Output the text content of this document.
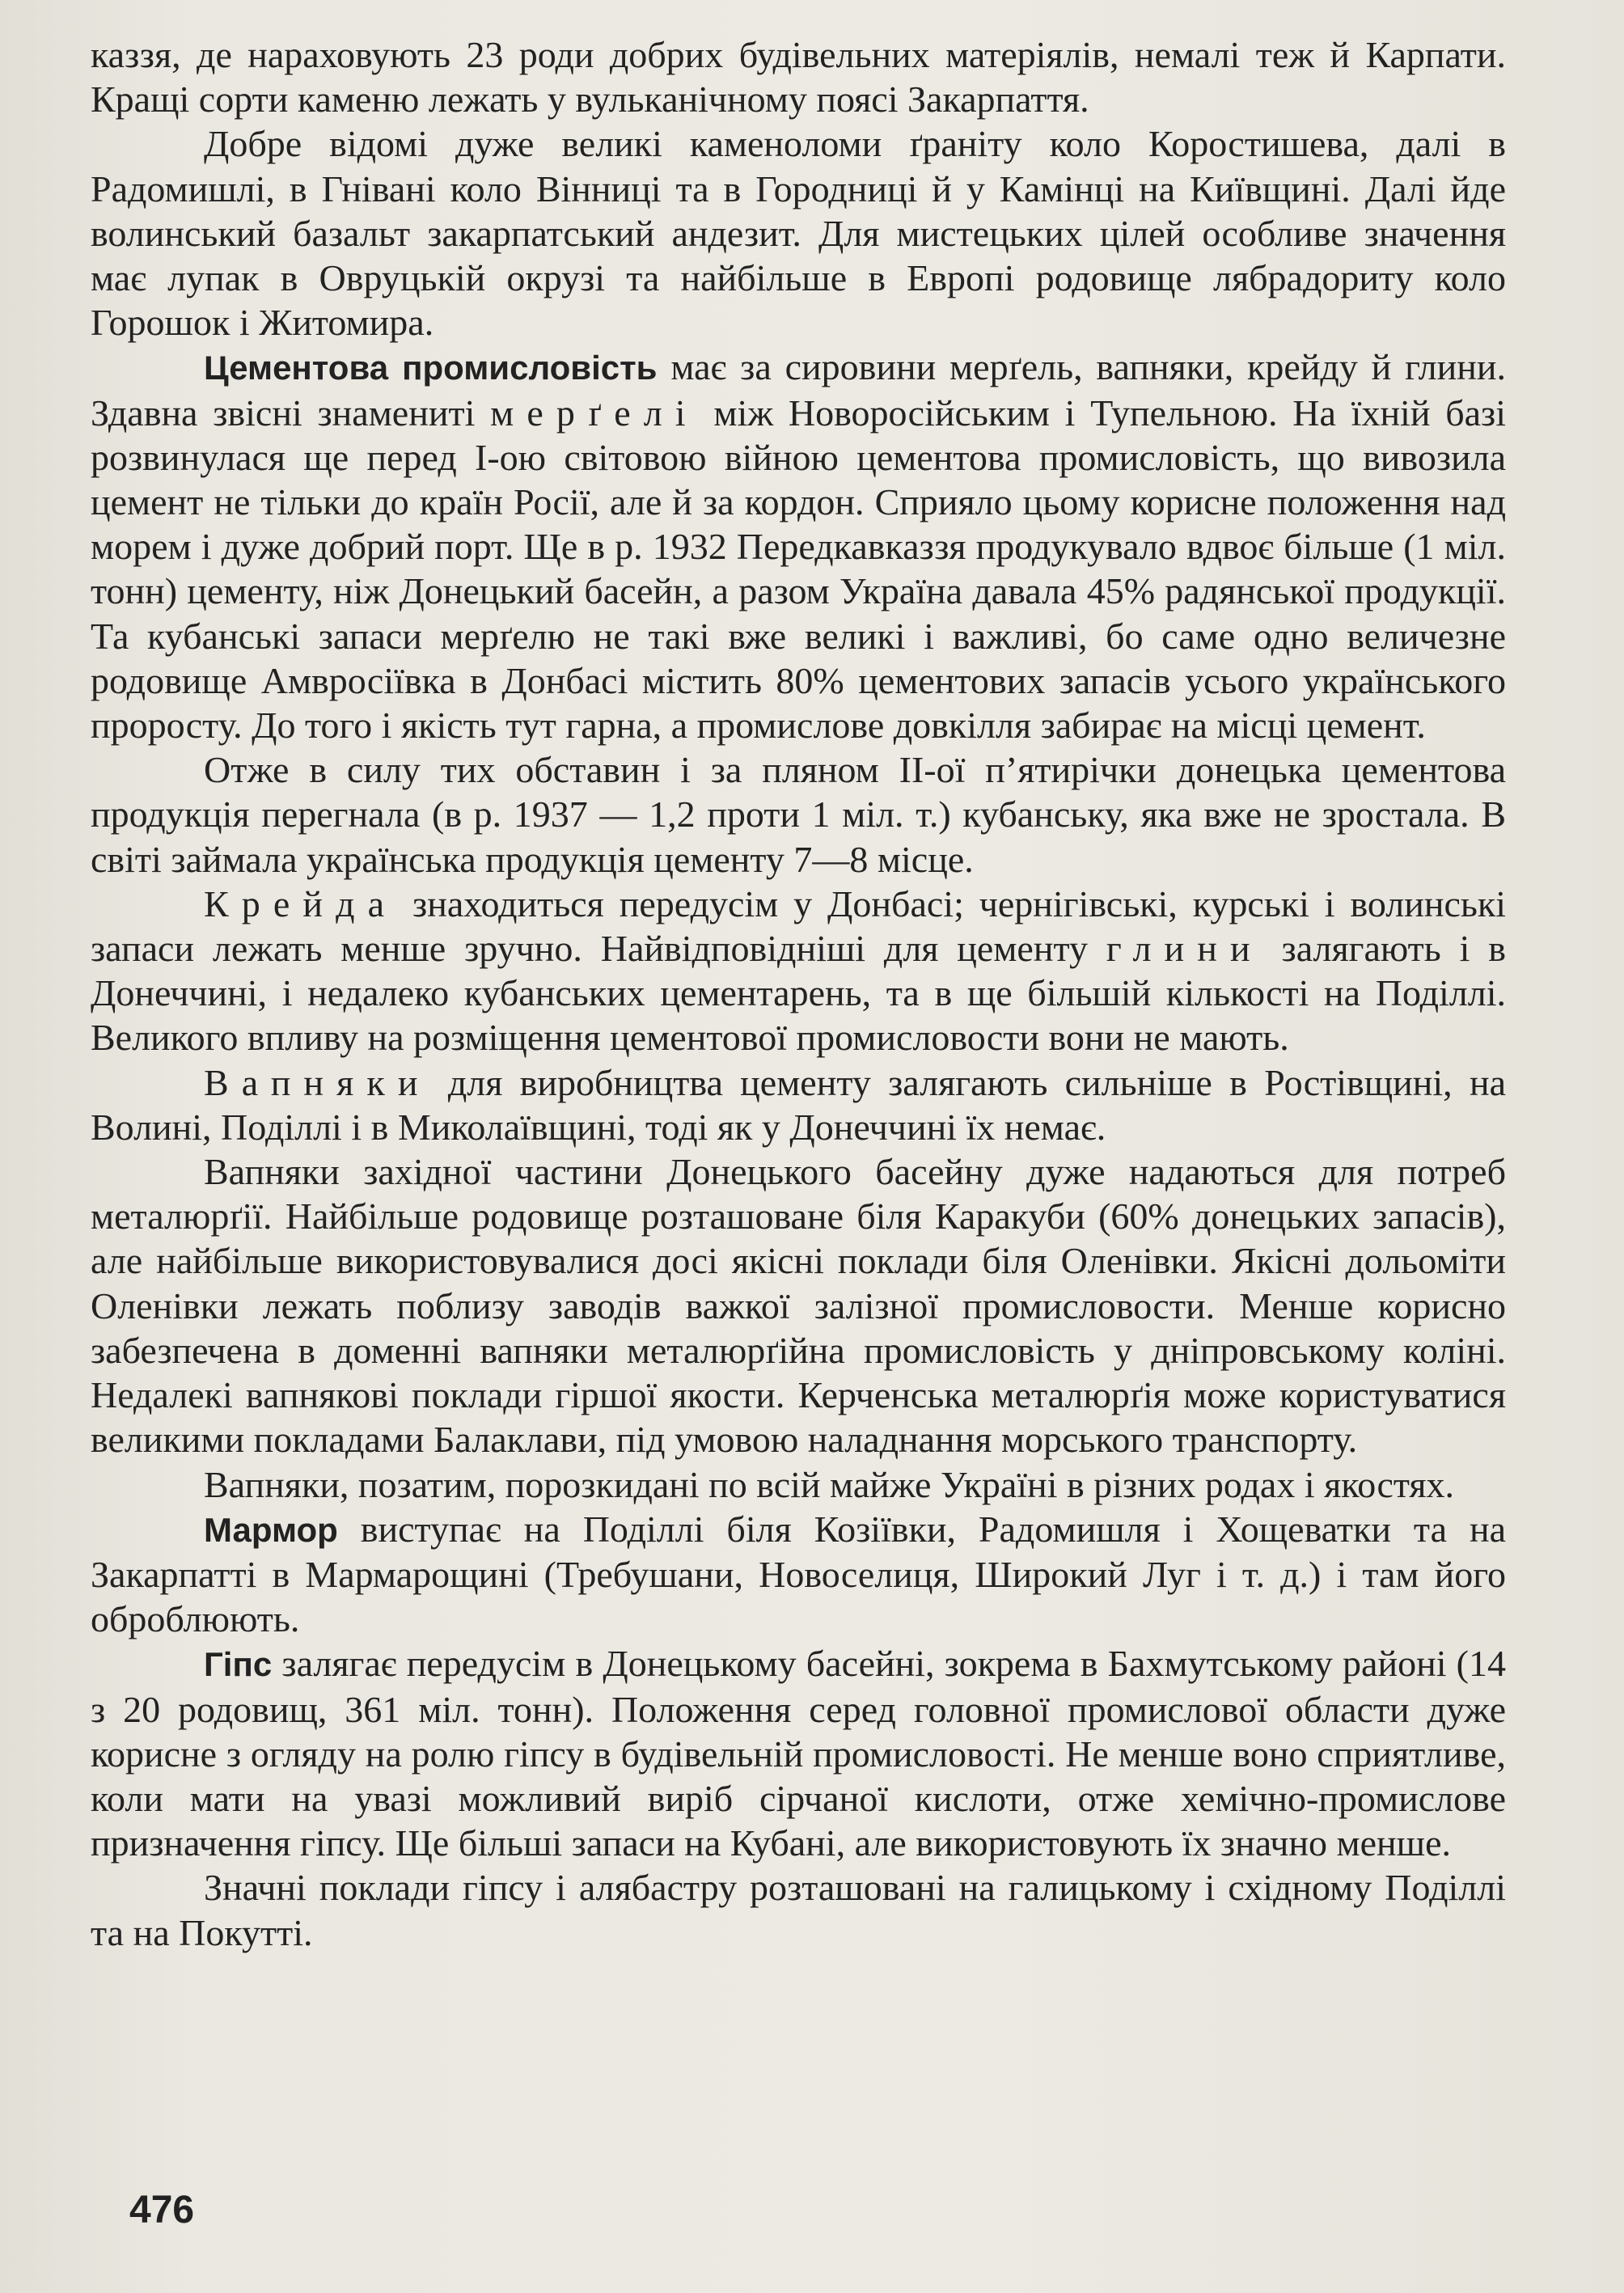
каззя, де нараховують 23 роди добрих будівельних матеріялів, немалі теж й Карпати. Кращі сорти каменю лежать у вульканічному поясі Закарпаття.

Добре відомі дуже великі каменоломи ґраніту коло Коростишева, далі в Радомишлі, в Гнівані коло Вінниці та в Городниці й у Камінці на Київщині. Далі йде волинський базальт закарпатський андезит. Для мистецьких цілей особливе значення має лупак в Овруцькій окрузі та найбільше в Европі родовище лябрадориту коло Горошок і Житомира.

Цементова промисловість має за сировини мерґель, вапняки, крейду й глини. Здавна звісні знамениті мерґелі між Новоросійським і Тупельною. На їхній базі розвинулася ще перед I-ою світовою війною цементова промисловість, що вивозила цемент не тільки до країн Росії, але й за кордон. Сприяло цьому корисне положення над морем і дуже добрий порт. Ще в р. 1932 Передкавказзя продукувало вдвоє більше (1 міл. тонн) цементу, ніж Донецький басейн, а разом Україна давала 45% радянської продукції. Та кубанські запаси мерґелю не такі вже великі і важливі, бо саме одно величезне родовище Амвросіївка в Донбасі містить 80% цементових запасів усього українського проросту. До того і якість тут гарна, а промислове довкілля забирає на місці цемент.

Отже в силу тих обставин і за пляном II-ої п’ятирічки донецька цементова продукція перегнала (в р. 1937 — 1,2 проти 1 міл. т.) кубанську, яка вже не зростала. В світі займала українська продукція цементу 7—8 місце.

Крейда знаходиться передусім у Донбасі; чернігівські, курські і волинські запаси лежать менше зручно. Найвідповідніші для цементу глини залягають і в Донеччині, і недалеко кубанських цементарень, та в ще більшій кількості на Поділлі. Великого впливу на розміщення цементової промисловости вони не мають.

Вапняки для виробництва цементу залягають сильніше в Ростівщині, на Волині, Поділлі і в Миколаївщині, тоді як у Донеччині їх немає.

Вапняки західної частини Донецького басейну дуже надаються для потреб металюрґії. Найбільше родовище розташоване біля Каракуби (60% донецьких запасів), але найбільше використовувалися досі якісні поклади біля Оленівки. Якісні дольоміти Оленівки лежать поблизу заводів важкої залізної промисловости. Менше корисно забезпечена в доменні вапняки металюрґійна промисловість у дніпровському коліні. Недалекі вапнякові поклади гіршої якости. Керченська металюрґія може користуватися великими покладами Балаклави, під умовою наладнання морського транспорту.

Вапняки, позатим, порозкидані по всій майже Україні в різних родах і якостях.

Мармор виступає на Поділлі біля Козіївки, Радомишля і Хощеватки та на Закарпатті в Мармарощині (Требушани, Новоселиця, Широкий Луг і т. д.) і там його оброблюють.

Гіпс залягає передусім в Донецькому басейні, зокрема в Бахмутському районі (14 з 20 родовищ, 361 міл. тонн). Положення серед головної промислової области дуже корисне з огляду на ролю гіпсу в будівельній промисловості. Не менше воно сприятливе, коли мати на увазі можливий виріб сірчаної кислоти, отже хемічно-промислове призначення гіпсу. Ще більші запаси на Кубані, але використовують їх значно менше.

Значні поклади гіпсу і алябастру розташовані на галицькому і східному Поділлі та на Покутті.

476
